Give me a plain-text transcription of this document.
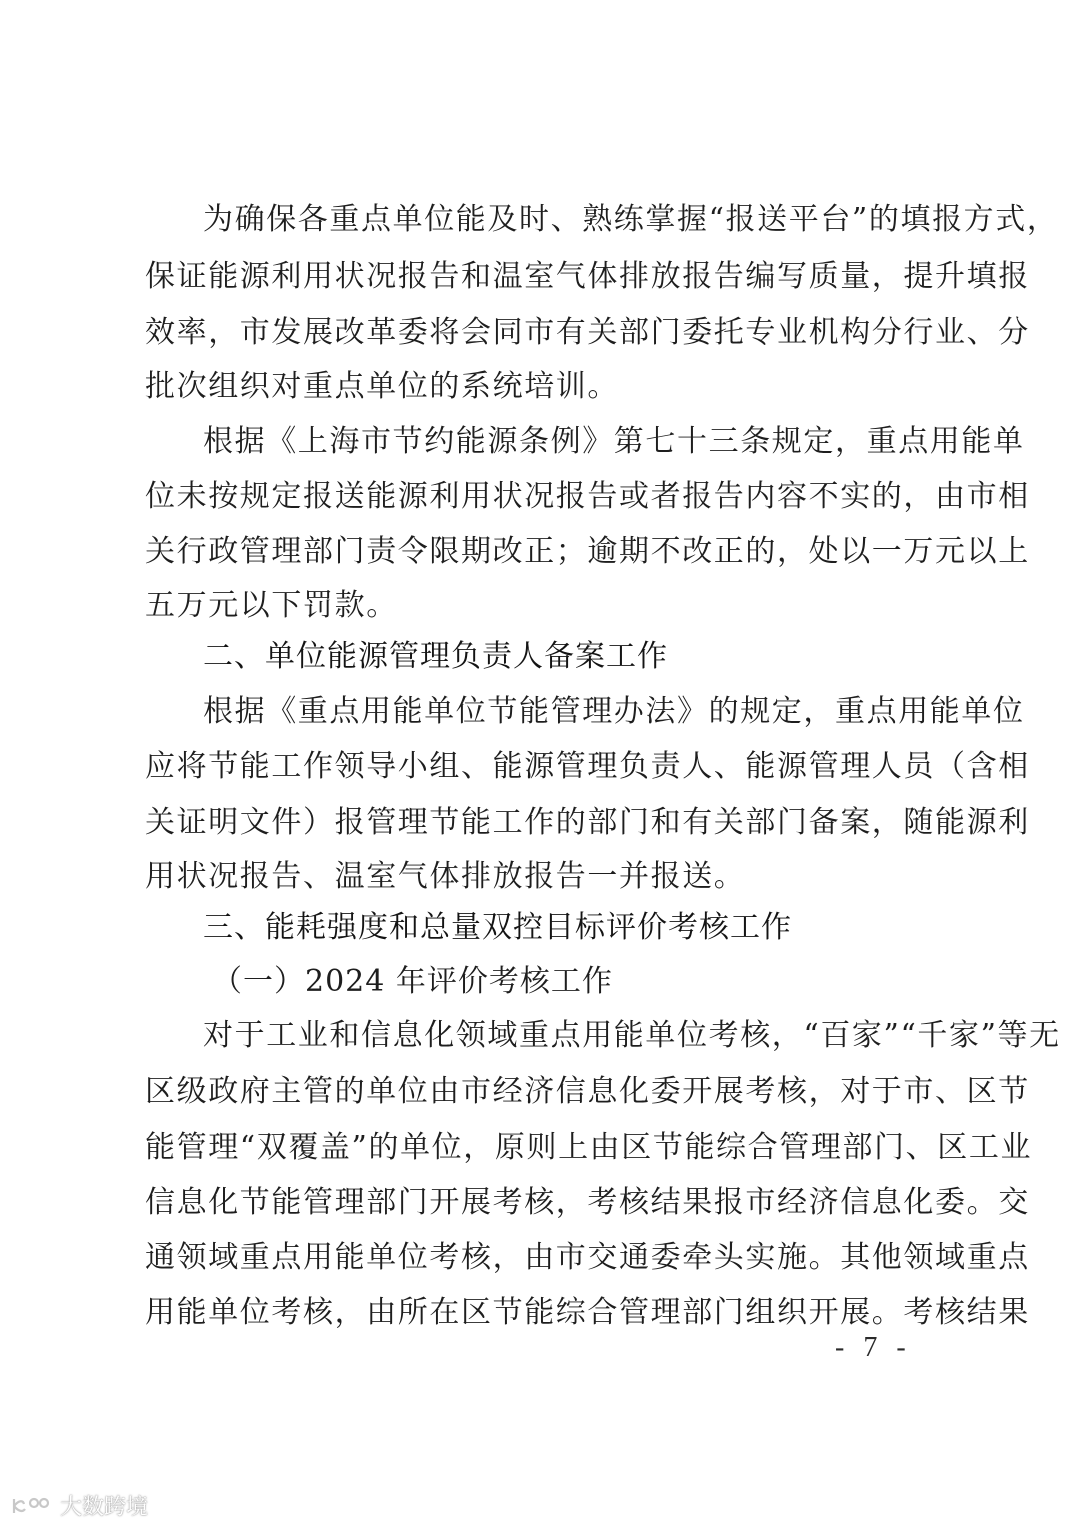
为确保各重点单位能及时、熟练掌握“报送平台”的填报方式，
保证能源利用状况报告和温室气体排放报告编写质量，提升填报
效率，市发展改革委将会同市有关部门委托专业机构分行业、分
批次组织对重点单位的系统培训。
根据《上海市节约能源条例》第七十三条规定，重点用能单
位未按规定报送能源利用状况报告或者报告内容不实的，由市相
关行政管理部门责令限期改正；逾期不改正的，处以一万元以上
五万元以下罚款。
二、单位能源管理负责人备案工作
根据《重点用能单位节能管理办法》的规定，重点用能单位
应将节能工作领导小组、能源管理负责人、能源管理人员（含相
关证明文件）报管理节能工作的部门和有关部门备案，随能源利
用状况报告、温室气体排放报告一并报送。
三、能耗强度和总量双控目标评价考核工作
（一）2024 年评价考核工作
对于工业和信息化领域重点用能单位考核，“百家”“千家”等无
区级政府主管的单位由市经济信息化委开展考核，对于市、区节
能管理“双覆盖”的单位，原则上由区节能综合管理部门、区工业
信息化节能管理部门开展考核，考核结果报市经济信息化委。交
通领域重点用能单位考核，由市交通委牵头实施。其他领域重点
用能单位考核，由所在区节能综合管理部门组织开展。考核结果
- 7 -
大数跨境
